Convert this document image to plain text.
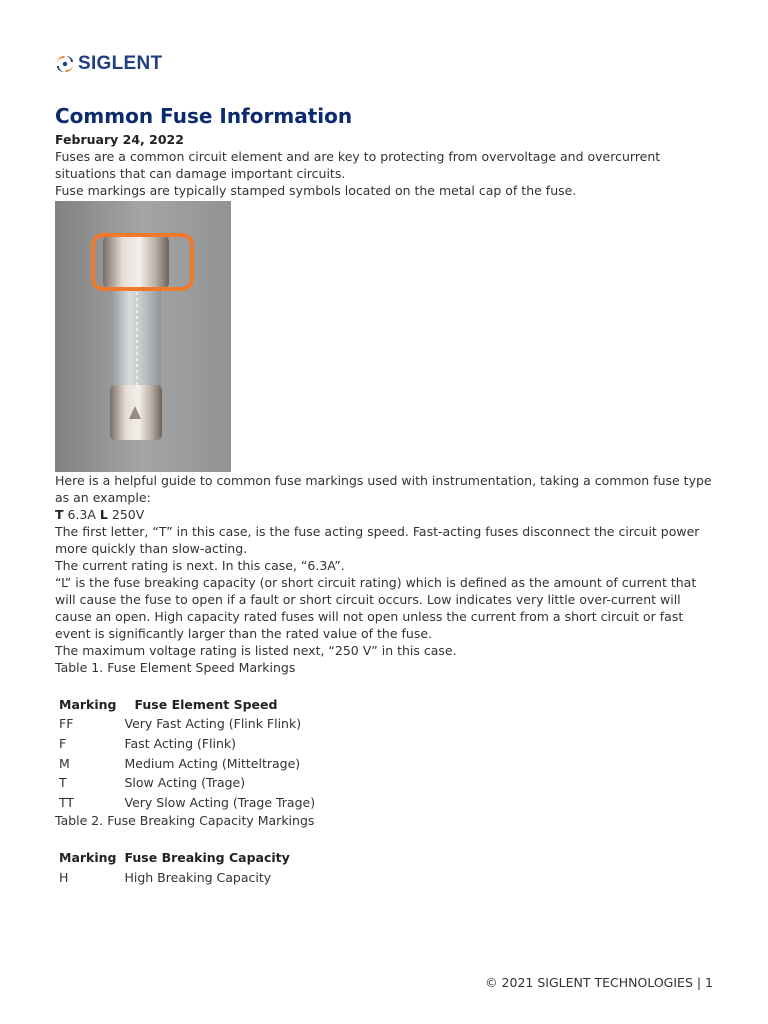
SIGLENT
Common Fuse Information
February 24, 2022

Fuses are a common circuit element and are key to protecting from overvoltage and overcurrent situations that can damage important circuits.

Fuse markings are typically stamped symbols located on the metal cap of the fuse.

Here is a helpful guide to common fuse markings used with instrumentation, taking a common fuse type as an example:

T 6.3A L 250V

The first letter, “T” in this case, is the fuse acting speed. Fast-acting fuses disconnect the circuit power more quickly than slow-acting.

The current rating is next. In this case, “6.3A”.

“L” is the fuse breaking capacity (or short circuit rating) which is defined as the amount of current that will cause the fuse to open if a fault or short circuit occurs. Low indicates very little over-current will cause an open. High capacity rated fuses will not open unless the current from a short circuit or fast event is significantly larger than the rated value of the fuse.

The maximum voltage rating is listed next, “250 V” in this case.

Table 1. Fuse Element Speed Markings

Marking	Fuse Element Speed
FF	Very Fast Acting (Flink Flink)
F	Fast Acting (Flink)
M	Medium Acting (Mitteltrage)
T	Slow Acting (Trage)
TT	Very Slow Acting (Trage Trage)

Table 2. Fuse Breaking Capacity Markings

Marking	Fuse Breaking Capacity
H	High Breaking Capacity
© 2021 SIGLENT TECHNOLOGIES | 1
